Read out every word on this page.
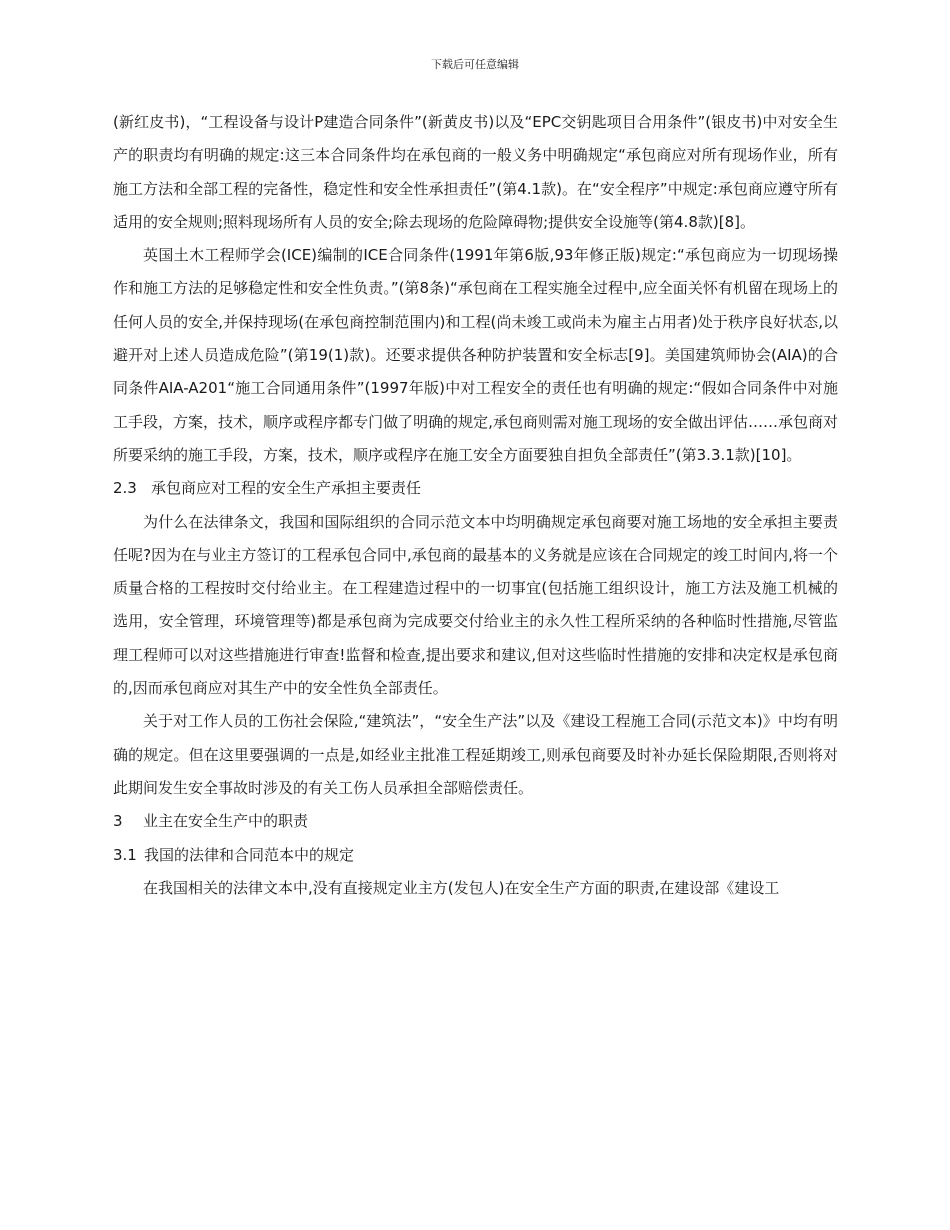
下载后可任意编辑

(新红皮书)，“工程设备与设计P建造合同条件”(新黄皮书)以及“EPC交钥匙项目合用条件”(银皮书)中对安全生产的职责均有明确的规定:这三本合同条件均在承包商的一般义务中明确规定“承包商应对所有现场作业，所有施工方法和全部工程的完备性，稳定性和安全性承担责任”(第4.1款)。在“安全程序”中规定:承包商应遵守所有适用的安全规则;照料现场所有人员的安全;除去现场的危险障碍物;提供安全设施等(第4.8款)[8]。

英国土木工程师学会(ICE)编制的ICE合同条件(1991年第6版,93年修正版)规定:“承包商应为一切现场操作和施工方法的足够稳定性和安全性负责。”(第8条)“承包商在工程实施全过程中,应全面关怀有机留在现场上的任何人员的安全,并保持现场(在承包商控制范围内)和工程(尚未竣工或尚未为雇主占用者)处于秩序良好状态,以避开对上述人员造成危险”(第19(1)款)。还要求提供各种防护装置和安全标志[9]。美国建筑师协会(AIA)的合同条件AIA-A201“施工合同通用条件”(1997年版)中对工程安全的责任也有明确的规定:“假如合同条件中对施工手段，方案，技术，顺序或程序都专门做了明确的规定,承包商则需对施工现场的安全做出评估……承包商对所要采纳的施工手段，方案，技术，顺序或程序在施工安全方面要独自担负全部责任”(第3.3.1款)[10]。

2.3 承包商应对工程的安全生产承担主要责任

为什么在法律条文，我国和国际组织的合同示范文本中均明确规定承包商要对施工场地的安全承担主要责任呢?因为在与业主方签订的工程承包合同中,承包商的最基本的义务就是应该在合同规定的竣工时间内,将一个质量合格的工程按时交付给业主。在工程建造过程中的一切事宜(包括施工组织设计，施工方法及施工机械的选用，安全管理，环境管理等)都是承包商为完成要交付给业主的永久性工程所采纳的各种临时性措施,尽管监理工程师可以对这些措施进行审查!监督和检查,提出要求和建议,但对这些临时性措施的安排和决定权是承包商的,因而承包商应对其生产中的安全性负全部责任。

关于对工作人员的工伤社会保险,“建筑法”，“安全生产法”以及《建设工程施工合同(示范文本)》中均有明确的规定。但在这里要强调的一点是,如经业主批准工程延期竣工,则承包商要及时补办延长保险期限,否则将对此期间发生安全事故时涉及的有关工伤人员承担全部赔偿责任。

3 业主在安全生产中的职责

3.1 我国的法律和合同范本中的规定

在我国相关的法律文本中,没有直接规定业主方(发包人)在安全生产方面的职责,在建设部《建设工
